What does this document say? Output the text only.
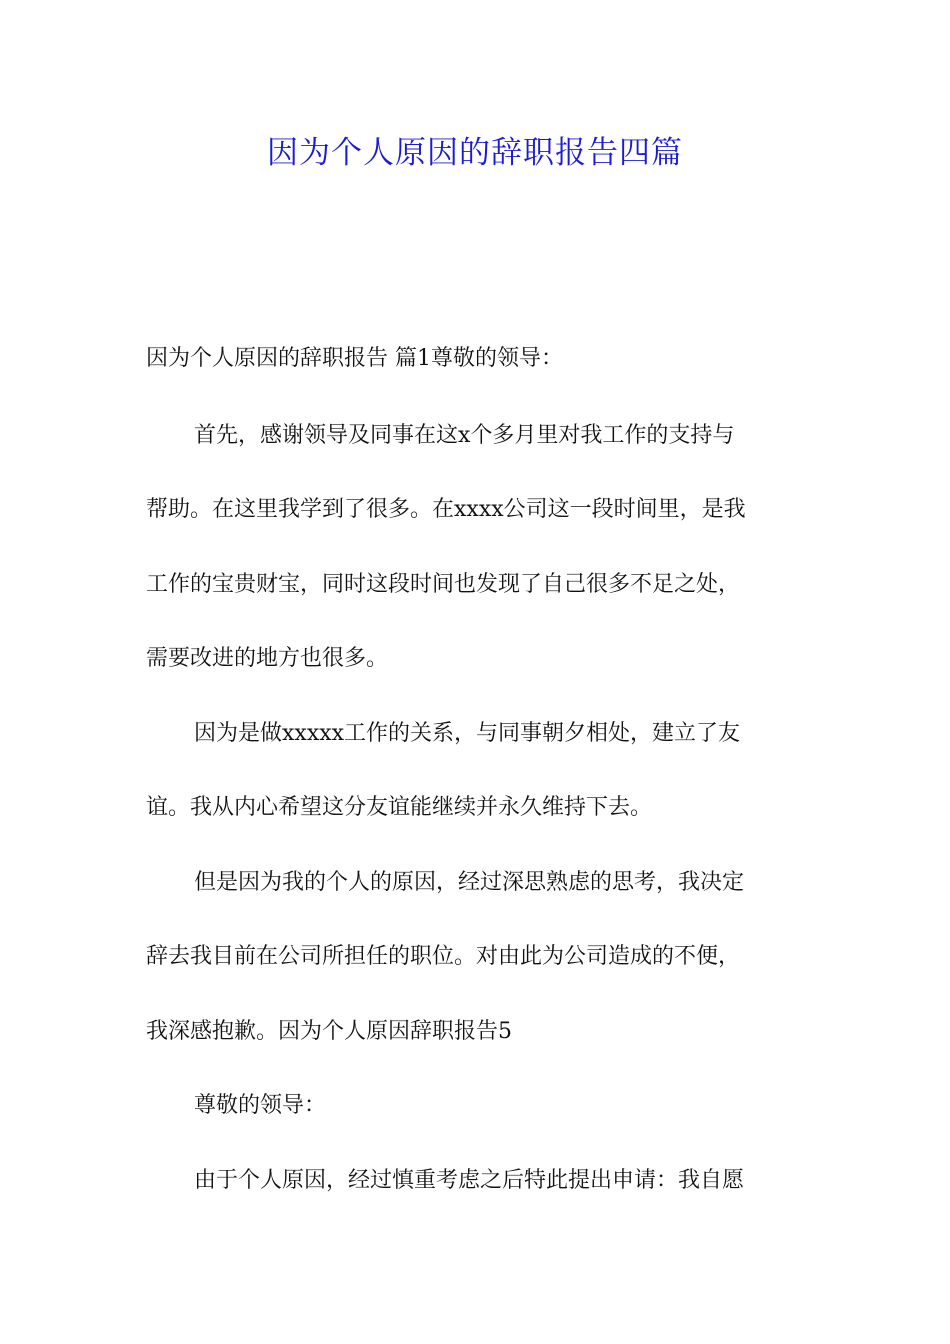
因为个人原因的辞职报告四篇

因为个人原因的辞职报告 篇1尊敬的领导：

首先，感谢领导及同事在这x个多月里对我工作的支持与

帮助。在这里我学到了很多。在xxxx公司这一段时间里，是我

工作的宝贵财宝，同时这段时间也发现了自己很多不足之处，

需要改进的地方也很多。

因为是做xxxxx工作的关系，与同事朝夕相处，建立了友

谊。我从内心希望这分友谊能继续并永久维持下去。

但是因为我的个人的原因，经过深思熟虑的思考，我决定

辞去我目前在公司所担任的职位。对由此为公司造成的不便，

我深感抱歉。因为个人原因辞职报告5

尊敬的领导：

由于个人原因，经过慎重考虑之后特此提出申请：我自愿
